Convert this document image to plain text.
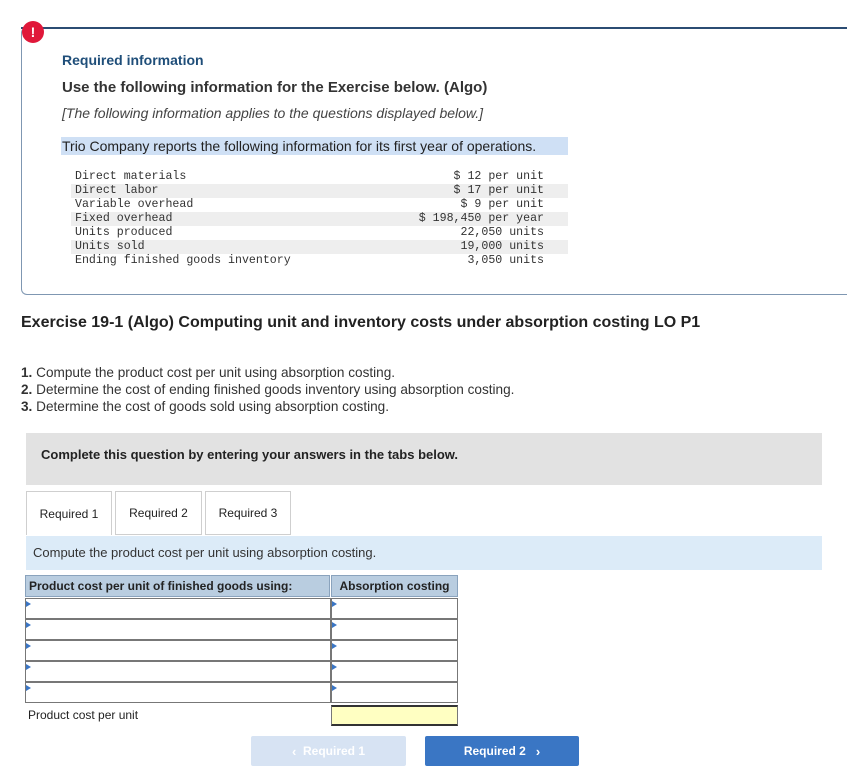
!
Required information
Use the following information for the Exercise below. (Algo)
[The following information applies to the questions displayed below.]
Trio Company reports the following information for its first year of operations.
Direct materials	$ 12 per unit
Direct labor	$ 17 per unit
Variable overhead	$ 9 per unit
Fixed overhead	$ 198,450 per year
Units produced	22,050 units
Units sold	19,000 units
Ending finished goods inventory	3,050 units
Exercise 19-1 (Algo) Computing unit and inventory costs under absorption costing LO P1
1. Compute the product cost per unit using absorption costing.
2. Determine the cost of ending finished goods inventory using absorption costing.
3. Determine the cost of goods sold using absorption costing.
Complete this question by entering your answers in the tabs below.
Required 1	Required 2	Required 3
Compute the product cost per unit using absorption costing.
Product cost per unit of finished goods using:	Absorption costing
Product cost per unit
‹
Required 1	Required 2
›
